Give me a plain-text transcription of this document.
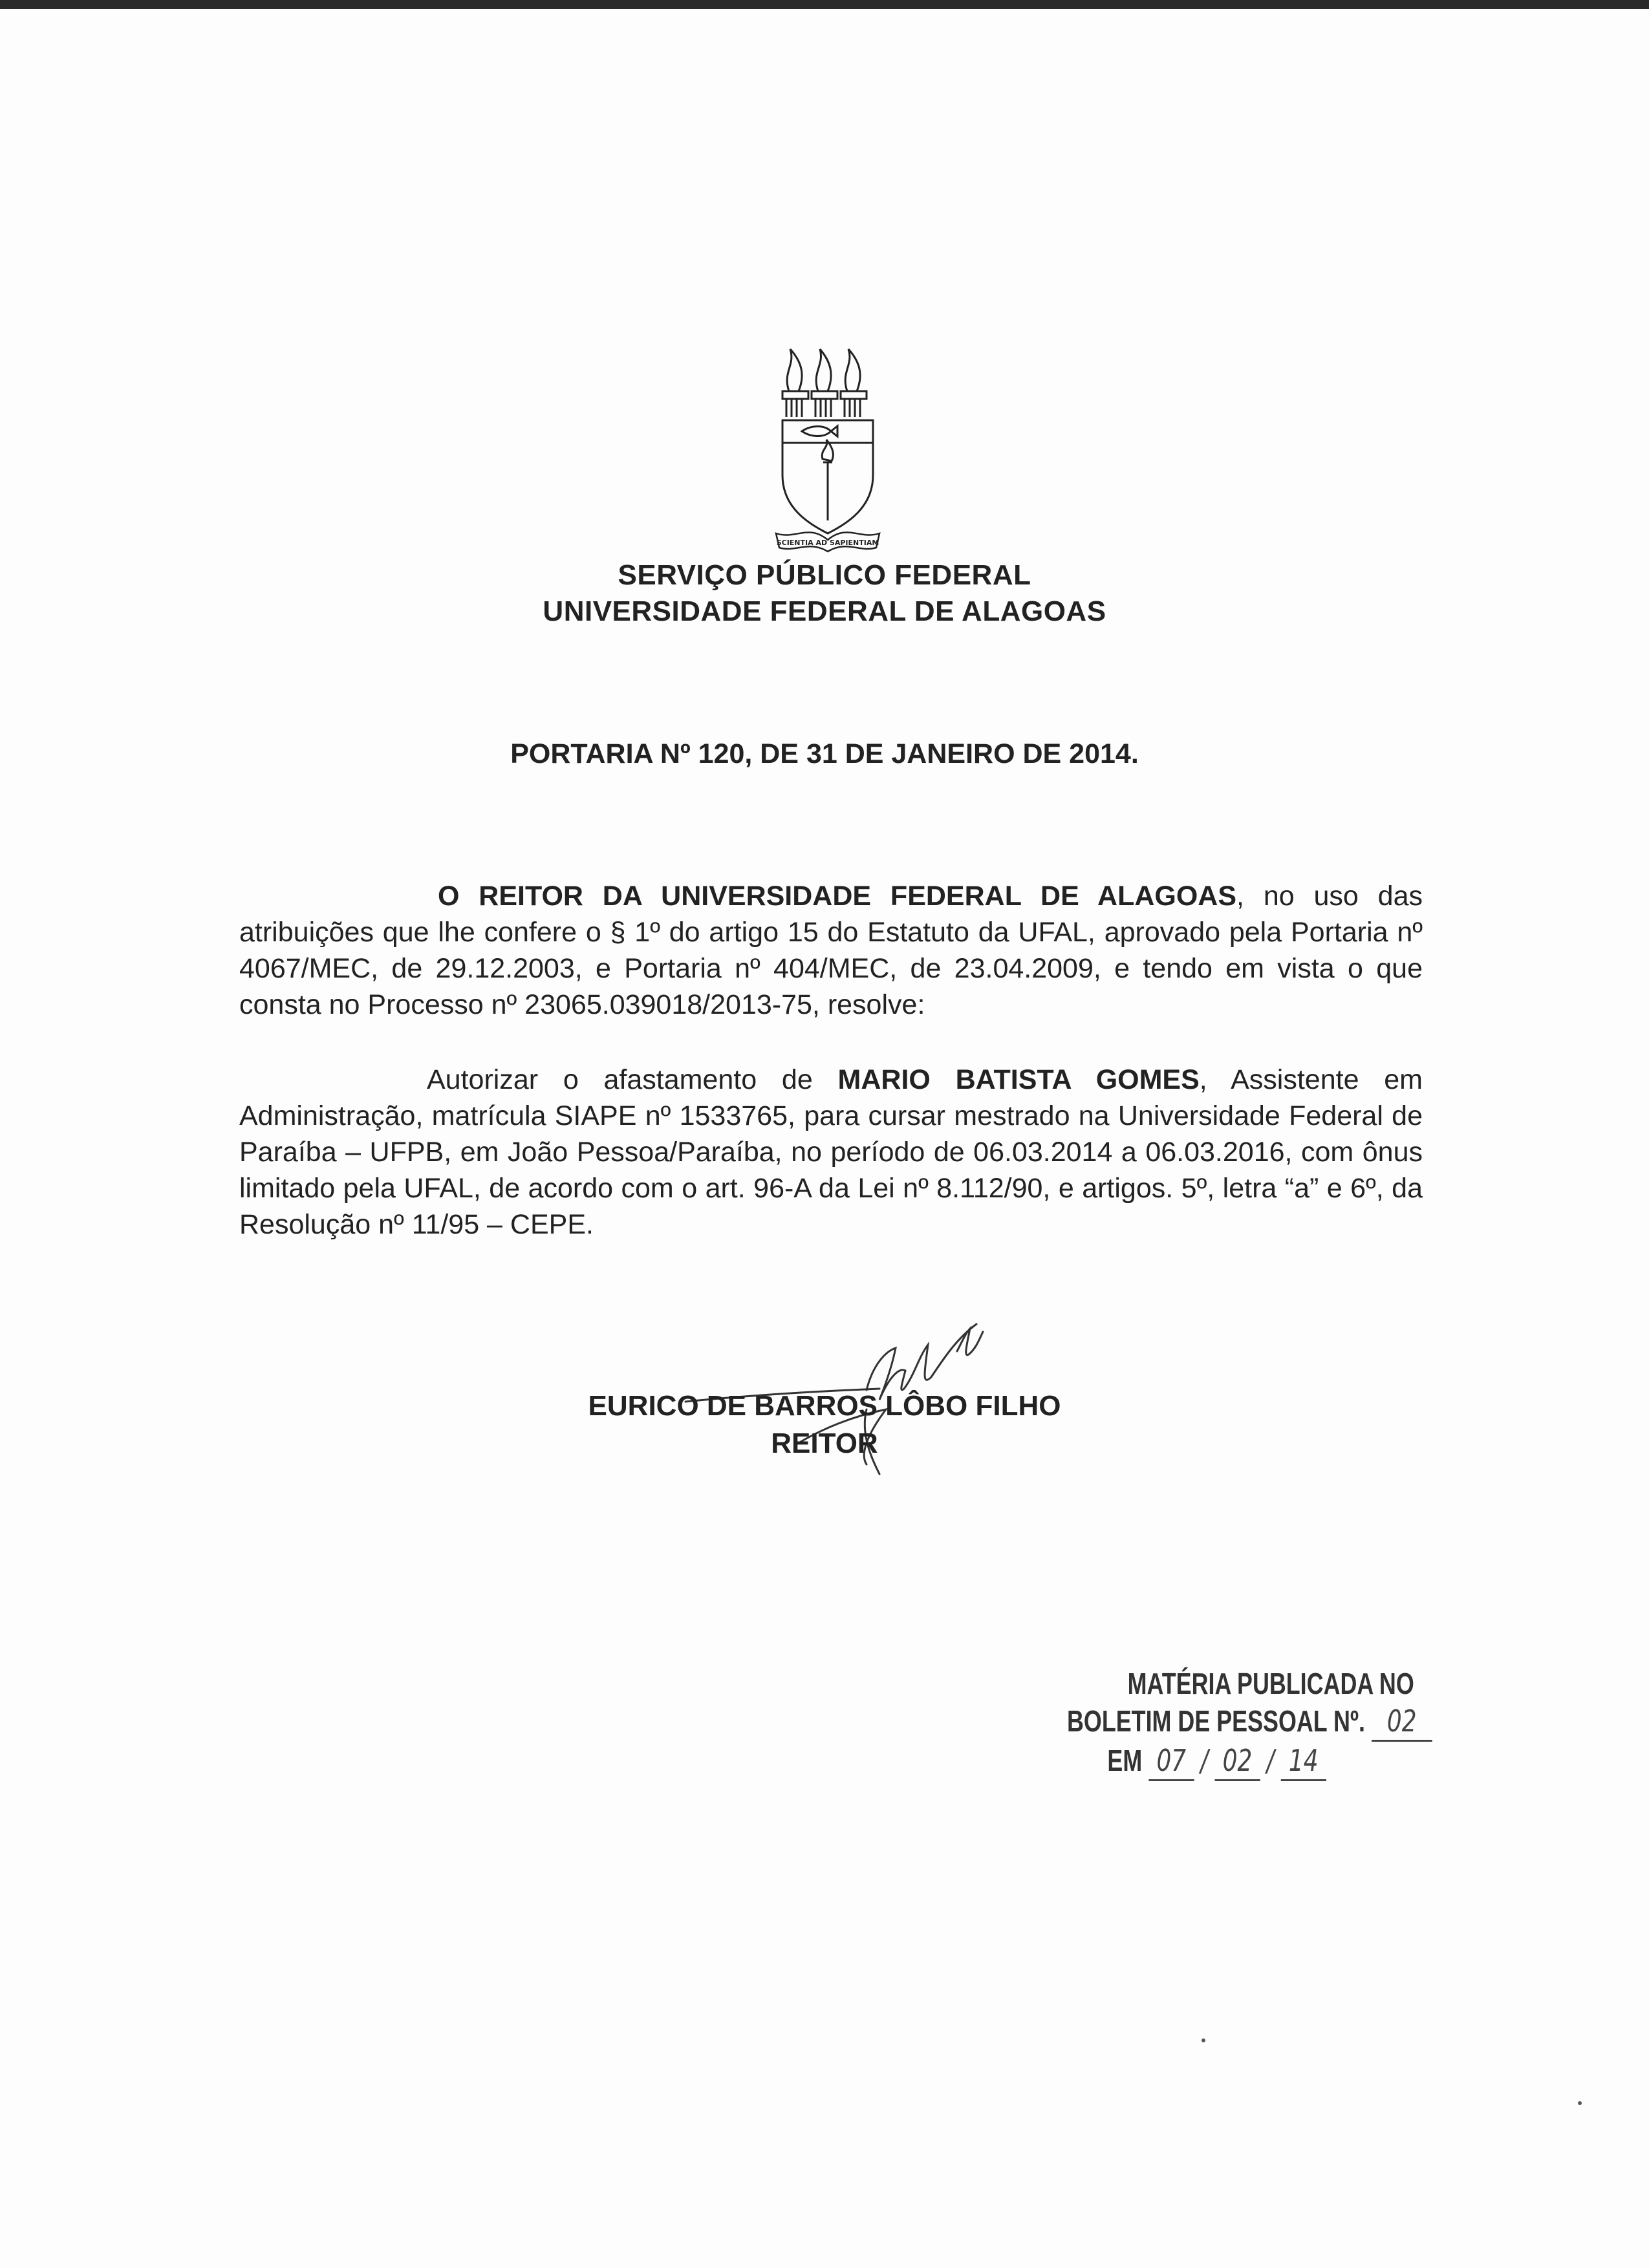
SCIENTIA AD SAPIENTIAM
SERVIÇO PÚBLICO FEDERAL
UNIVERSIDADE FEDERAL DE ALAGOAS
PORTARIA Nº 120, DE 31 DE JANEIRO DE 2014.
O REITOR DA UNIVERSIDADE FEDERAL DE ALAGOAS, no uso das atribuições que lhe confere o § 1º do artigo 15 do Estatuto da UFAL, aprovado pela Portaria nº 4067/MEC, de 29.12.2003, e Portaria nº 404/MEC, de 23.04.2009, e tendo em vista o que consta no Processo nº 23065.039018/2013-75, resolve:
Autorizar o afastamento de MARIO BATISTA GOMES, Assistente em Administração, matrícula SIAPE nº 1533765, para cursar mestrado na Universidade Federal de Paraíba – UFPB, em João Pessoa/Paraíba, no período de 06.03.2014 a 06.03.2016, com ônus limitado pela UFAL, de acordo com o art. 96-A da Lei nº 8.112/90, e artigos. 5º, letra “a” e 6º, da Resolução nº 11/95 – CEPE.
EURICO DE BARROS LÔBO FILHO
REITOR
MATÉRIA PUBLICADA NO
BOLETIM DE PESSOAL Nº. 02
EM 07 / 02 / 14
